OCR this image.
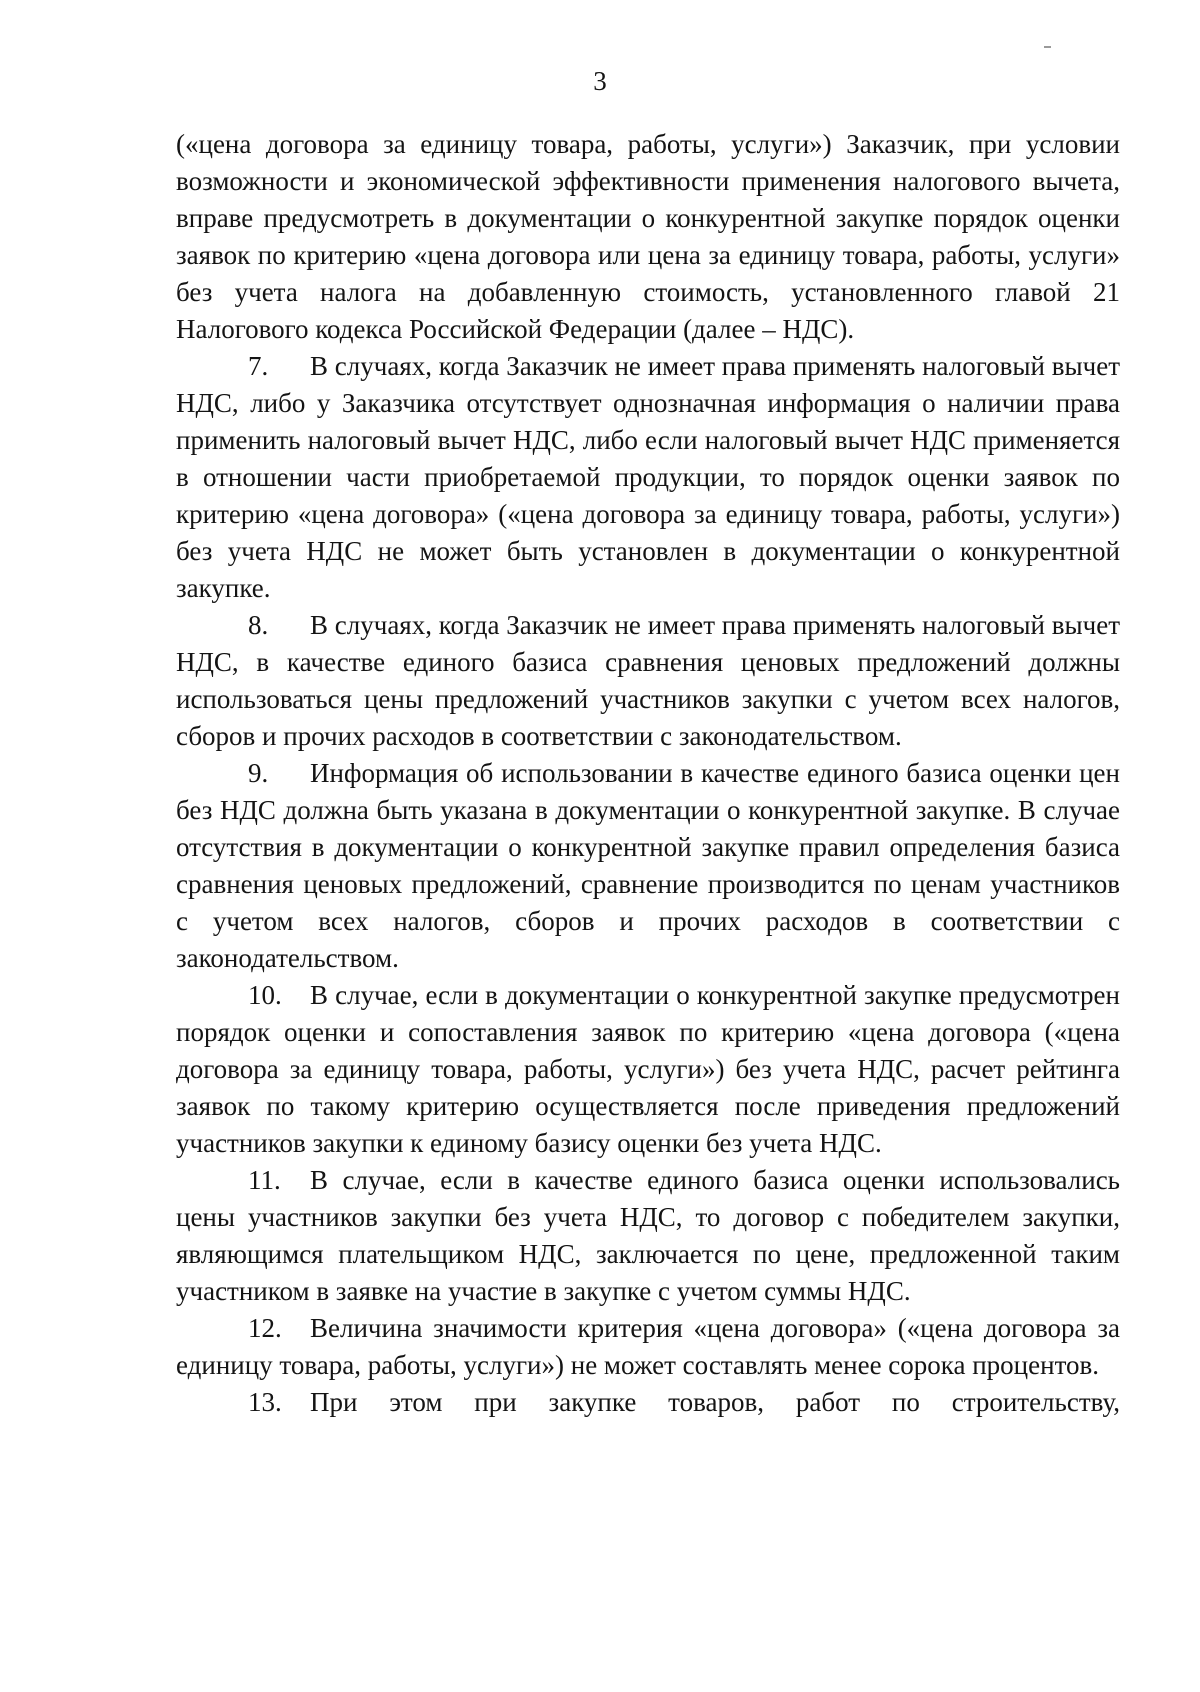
3

(«цена договора за единицу товара, работы, услуги») Заказчик, при условии возможности и экономической эффективности применения налогового вычета, вправе предусмотреть в документации о конкурентной закупке порядок оценки заявок по критерию «цена договора или цена за единицу товара, работы, услуги» без учета налога на добавленную стоимость, установленного главой 21 Налогового кодекса Российской Федерации (далее – НДС).

7. В случаях, когда Заказчик не имеет права применять налоговый вычет НДС, либо у Заказчика отсутствует однозначная информация о наличии права применить налоговый вычет НДС, либо если налоговый вычет НДС применяется в отношении части приобретаемой продукции, то порядок оценки заявок по критерию «цена договора» («цена договора за единицу товара, работы, услуги») без учета НДС не может быть установлен в документации о конкурентной закупке.

8. В случаях, когда Заказчик не имеет права применять налоговый вычет НДС, в качестве единого базиса сравнения ценовых предложений должны использоваться цены предложений участников закупки с учетом всех налогов, сборов и прочих расходов в соответствии с законодательством.

9. Информация об использовании в качестве единого базиса оценки цен без НДС должна быть указана в документации о конкурентной закупке. В случае отсутствия в документации о конкурентной закупке правил определения базиса сравнения ценовых предложений, сравнение производится по ценам участников с учетом всех налогов, сборов и прочих расходов в соответствии с законодательством.

10. В случае, если в документации о конкурентной закупке предусмотрен порядок оценки и сопоставления заявок по критерию «цена договора («цена договора за единицу товара, работы, услуги») без учета НДС, расчет рейтинга заявок по такому критерию осуществляется после приведения предложений участников закупки к единому базису оценки без учета НДС.

11. В случае, если в качестве единого базиса оценки использовались цены участников закупки без учета НДС, то договор с победителем закупки, являющимся плательщиком НДС, заключается по цене, предложенной таким участником в заявке на участие в закупке с учетом суммы НДС.

12. Величина значимости критерия «цена договора» («цена договора за единицу товара, работы, услуги») не может составлять менее сорока процентов.

13. При этом при закупке товаров, работ по строительству,
